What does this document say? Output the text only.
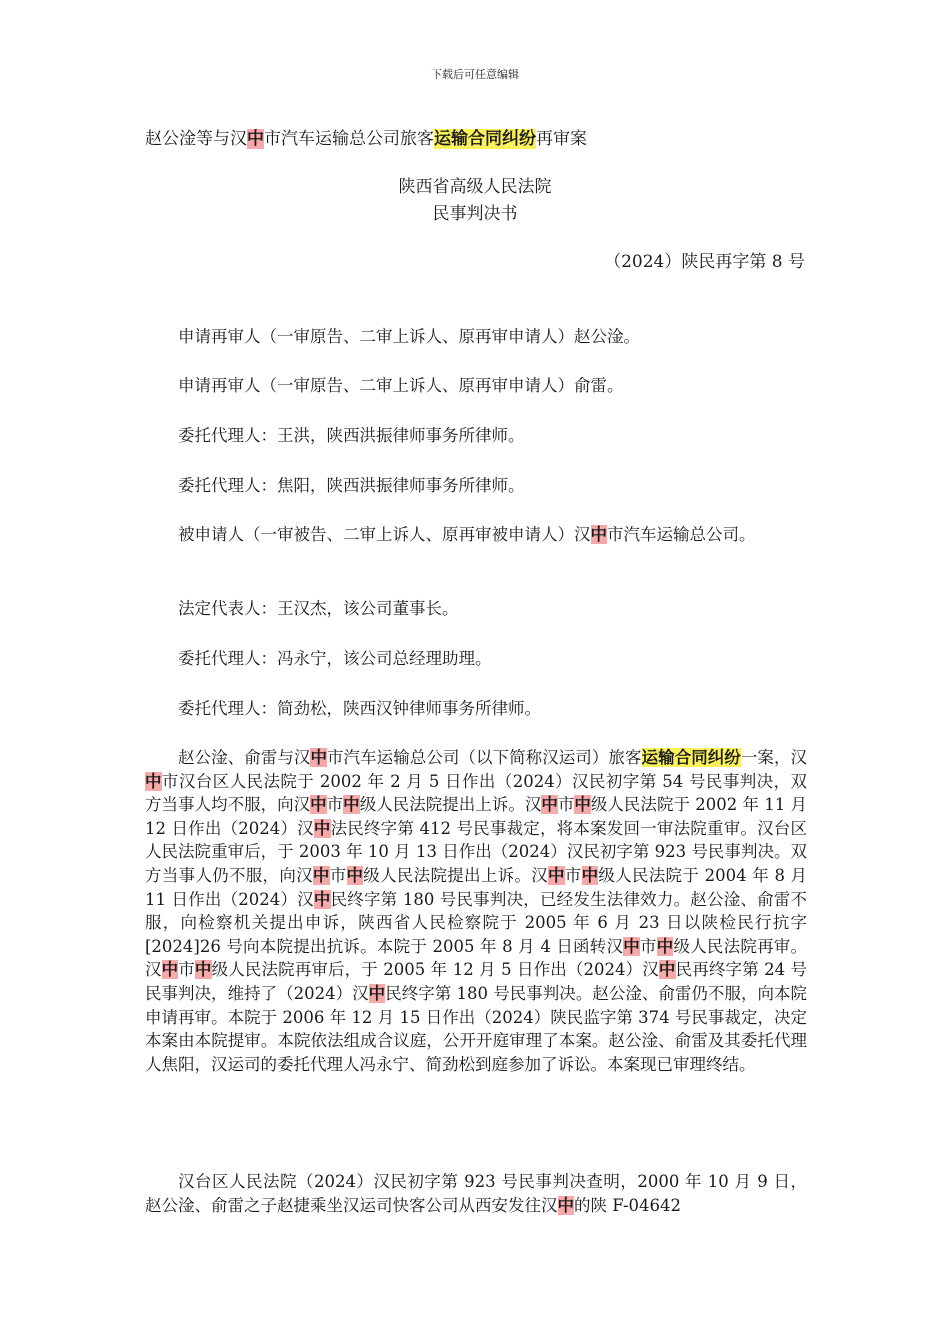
下载后可任意编辑
赵公淦等与汉中市汽车运输总公司旅客运输合同纠纷再审案
陕西省高级人民法院
民事判决书
（2024）陕民再字第 8 号

申请再审人（一审原告、二审上诉人、原再审申请人）赵公淦。

申请再审人（一审原告、二审上诉人、原再审申请人）俞雷。

委托代理人：王洪，陕西洪振律师事务所律师。

委托代理人：焦阳，陕西洪振律师事务所律师。

被申请人（一审被告、二审上诉人、原再审被申请人）汉中市汽车运输总公司。

法定代表人：王汉杰，该公司董事长。

委托代理人：冯永宁，该公司总经理助理。

委托代理人：简劲松，陕西汉钟律师事务所律师。

赵公淦、俞雷与汉中市汽车运输总公司（以下简称汉运司）旅客运输合同纠纷一案，汉中市汉台区人民法院于 2002 年 2 月 5 日作出（2024）汉民初字第 54 号民事判决，双方当事人均不服，向汉中市中级人民法院提出上诉。汉中市中级人民法院于 2002 年 11 月 12 日作出（2024）汉中法民终字第 412 号民事裁定，将本案发回一审法院重审。汉台区人民法院重审后，于 2003 年 10 月 13 日作出（2024）汉民初字第 923 号民事判决。双方当事人仍不服，向汉中市中级人民法院提出上诉。汉中市中级人民法院于 2004 年 8 月 11 日作出（2024）汉中民终字第 180 号民事判决，已经发生法律效力。赵公淦、俞雷不服，向检察机关提出申诉，陕西省人民检察院于 2005 年 6 月 23 日以陕检民行抗字[2024]26 号向本院提出抗诉。本院于 2005 年 8 月 4 日函转汉中市中级人民法院再审。汉中市中级人民法院再审后，于 2005 年 12 月 5 日作出（2024）汉中民再终字第 24 号民事判决，维持了（2024）汉中民终字第 180 号民事判决。赵公淦、俞雷仍不服，向本院申请再审。本院于 2006 年 12 月 15 日作出（2024）陕民监字第 374 号民事裁定，决定本案由本院提审。本院依法组成合议庭，公开开庭审理了本案。赵公淦、俞雷及其委托代理人焦阳，汉运司的委托代理人冯永宁、简劲松到庭参加了诉讼。本案现已审理终结。

汉台区人民法院（2024）汉民初字第 923 号民事判决查明，2000 年 10 月 9 日，赵公淦、俞雷之子赵捷乘坐汉运司快客公司从西安发往汉中的陕 F-04642
